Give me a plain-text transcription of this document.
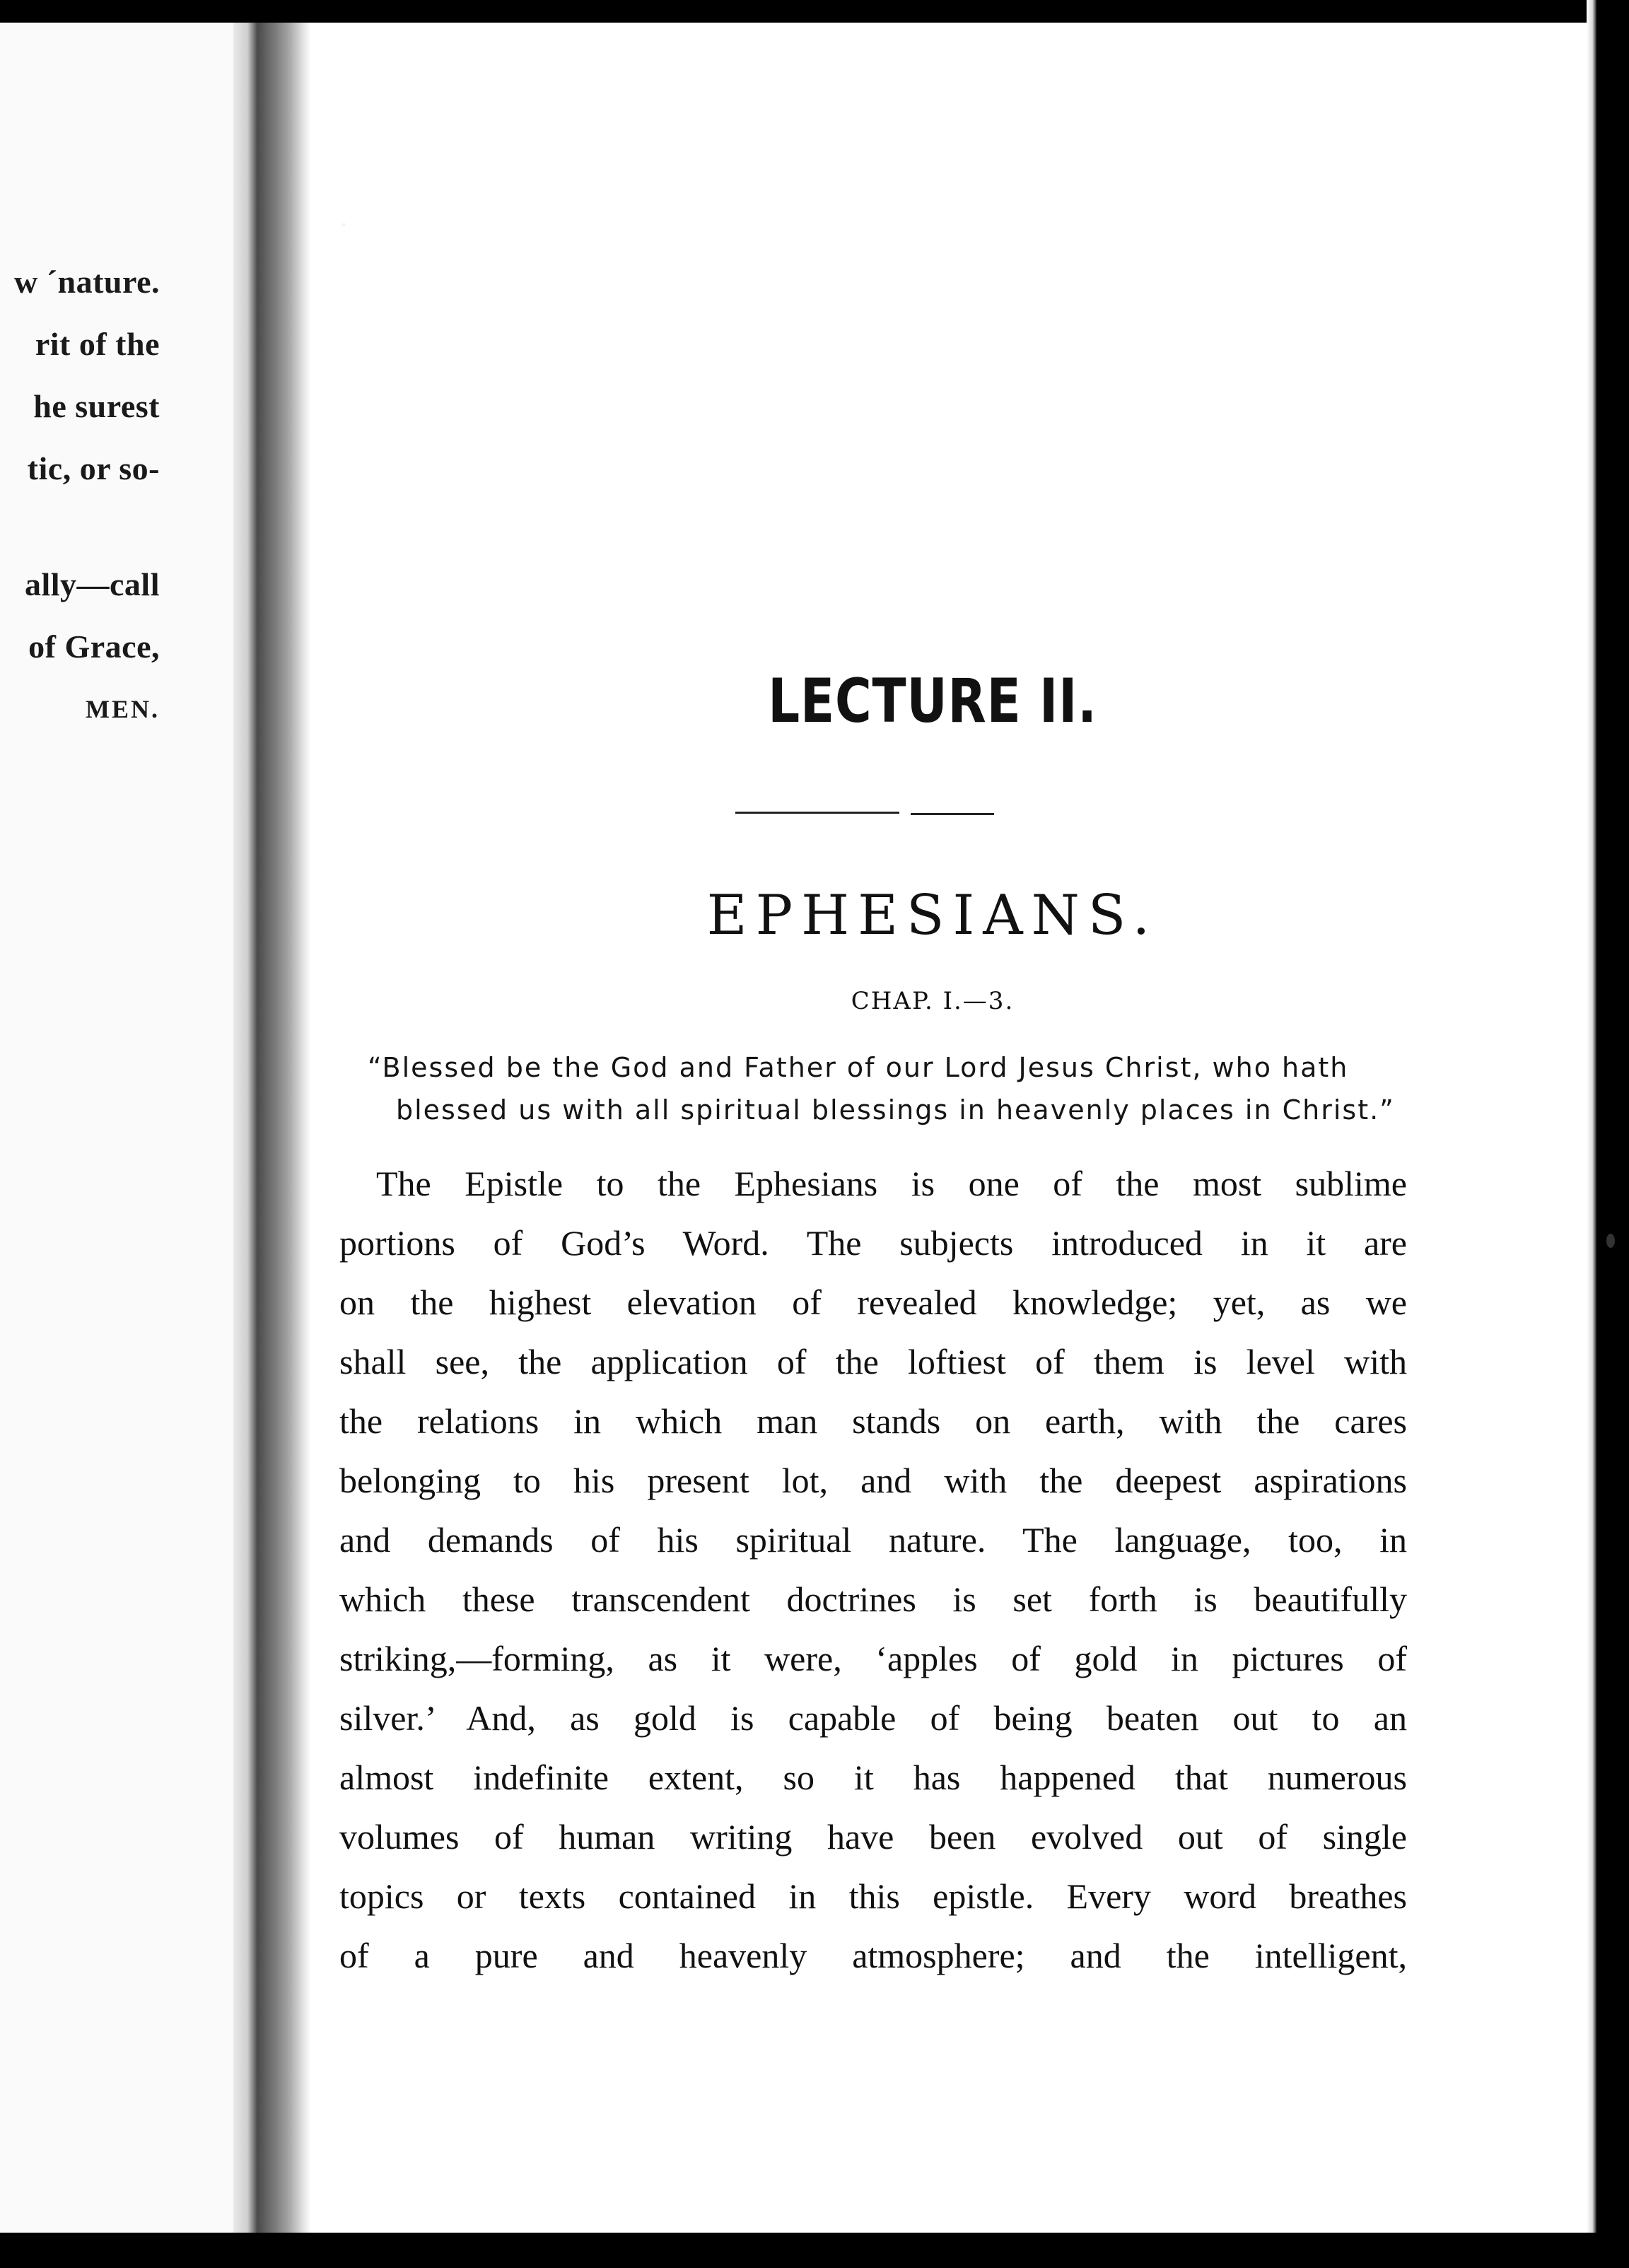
w ´nature.
rit of the
he surest
tic, or so-
ally—call
of Grace,
MEN.	LECTURE II.
EPHESIANS.
CHAP. I.—3.
“Blessed be the God and Father of our Lord Jesus Christ, who hath
blessed us with all spiritual blessings in heavenly places in Christ.”
The Epistle to the Ephesians is one of the most sublime
portions of God’s Word. The subjects introduced in it are
on the highest elevation of revealed knowledge; yet, as we
shall see, the application of the loftiest of them is level with
the relations in which man stands on earth, with the cares
belonging to his present lot, and with the deepest aspirations
and demands of his spiritual nature. The language, too, in
which these transcendent doctrines is set forth is beautifully
striking,—forming, as it were, ‘apples of gold in pictures of
silver.’ And, as gold is capable of being beaten out to an
almost indefinite extent, so it has happened that numerous
volumes of human writing have been evolved out of single
topics or texts contained in this epistle. Every word breathes
of a pure and heavenly atmosphere; and the intelligent,
